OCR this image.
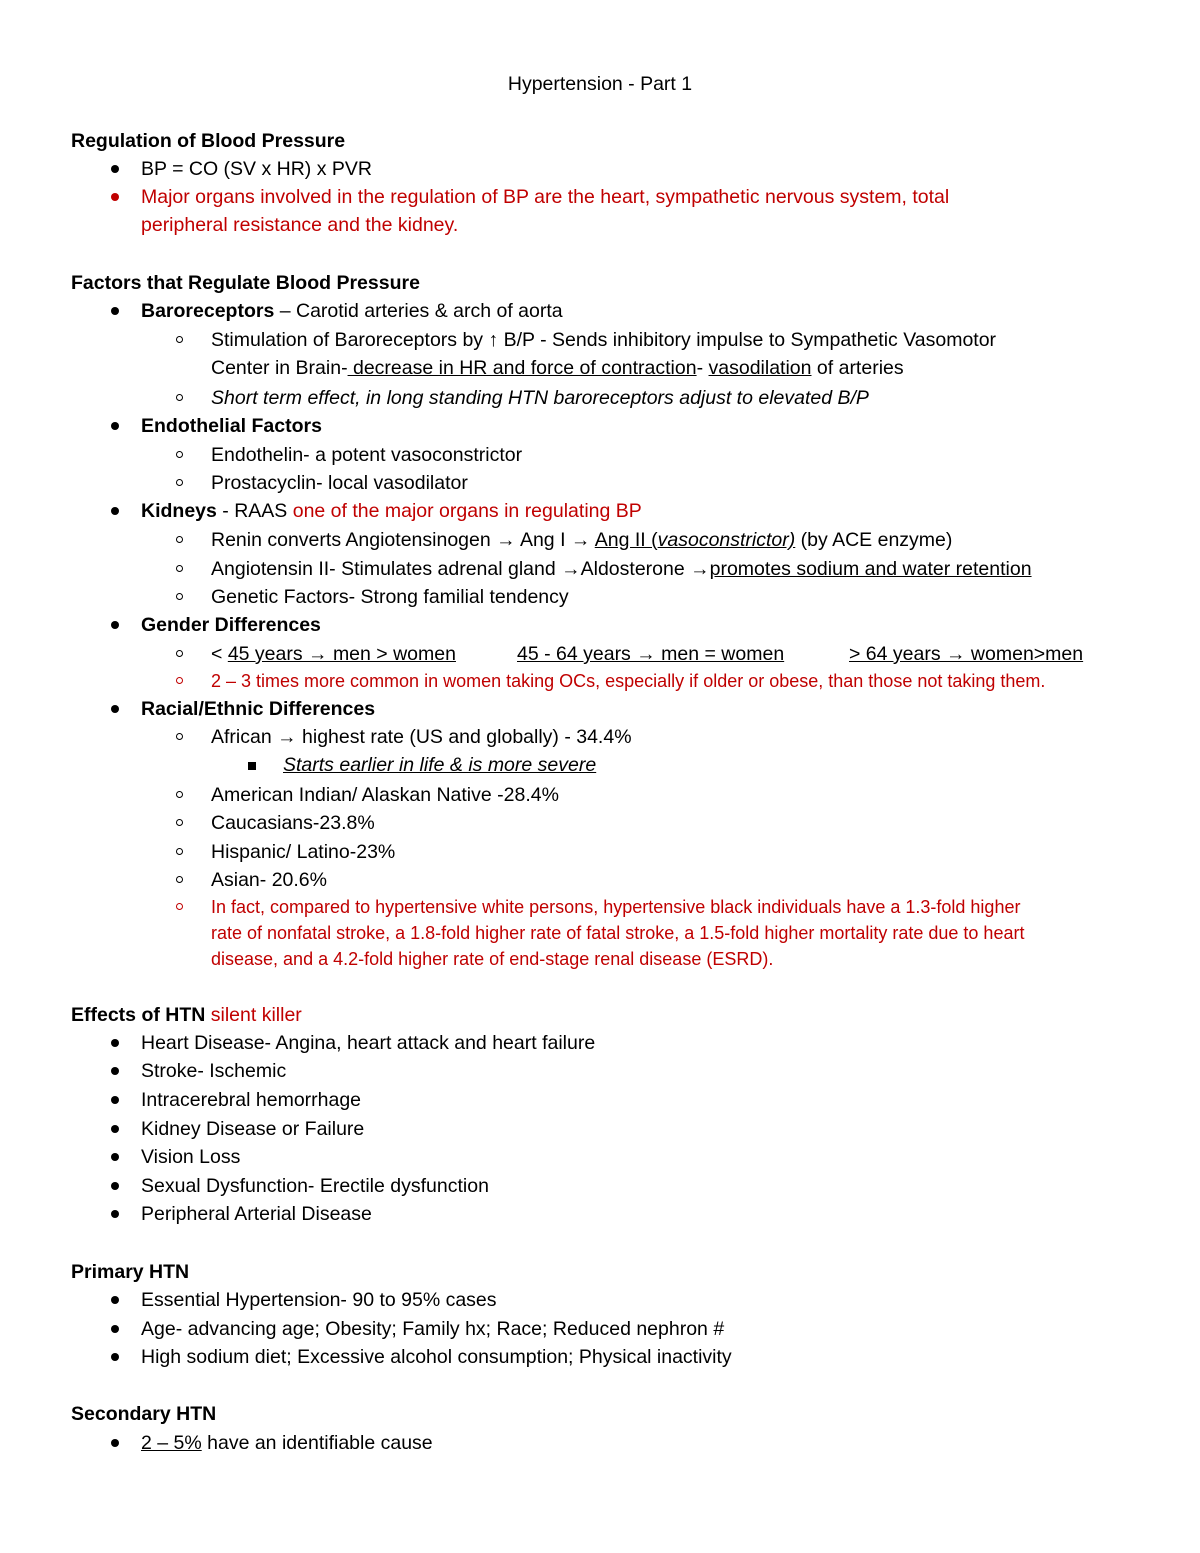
Hypertension - Part 1
Regulation of Blood Pressure
BP = CO (SV x HR) x PVR
Major organs involved in the regulation of BP are the heart, sympathetic nervous system, total
peripheral resistance and the kidney.
Factors that Regulate Blood Pressure
Baroreceptors – Carotid arteries & arch of aorta
Stimulation of Baroreceptors by ↑ B/P - Sends inhibitory impulse to Sympathetic Vasomotor
Center in Brain- decrease in HR and force of contraction- vasodilation of arteries
Short term effect, in long standing HTN baroreceptors adjust to elevated B/P
Endothelial Factors
Endothelin- a potent vasoconstrictor
Prostacyclin- local vasodilator
Kidneys - RAAS one of the major organs in regulating BP
Renin converts Angiotensinogen → Ang I → Ang II (vasoconstrictor) (by ACE enzyme)
Angiotensin II- Stimulates adrenal gland →Aldosterone →promotes sodium and water retention
Genetic Factors- Strong familial tendency
Gender Differences
< 45 years → men > women	45 - 64 years → men = women	> 64 years → women>men
2 – 3 times more common in women taking OCs, especially if older or obese, than those not taking them.
Racial/Ethnic Differences
African → highest rate (US and globally) - 34.4%
Starts earlier in life & is more severe
American Indian/ Alaskan Native -28.4%
Caucasians-23.8%
Hispanic/ Latino-23%
Asian- 20.6%
In fact, compared to hypertensive white persons, hypertensive black individuals have a 1.3-fold higher
rate of nonfatal stroke, a 1.8-fold higher rate of fatal stroke, a 1.5-fold higher mortality rate due to heart
disease, and a 4.2-fold higher rate of end-stage renal disease (ESRD).
Effects of HTN silent killer
Heart Disease- Angina, heart attack and heart failure
Stroke- Ischemic
Intracerebral hemorrhage
Kidney Disease or Failure
Vision Loss
Sexual Dysfunction- Erectile dysfunction
Peripheral Arterial Disease
Primary HTN
Essential Hypertension- 90 to 95% cases
Age- advancing age; Obesity; Family hx; Race; Reduced nephron #
High sodium diet; Excessive alcohol consumption; Physical inactivity
Secondary HTN
2 – 5% have an identifiable cause
